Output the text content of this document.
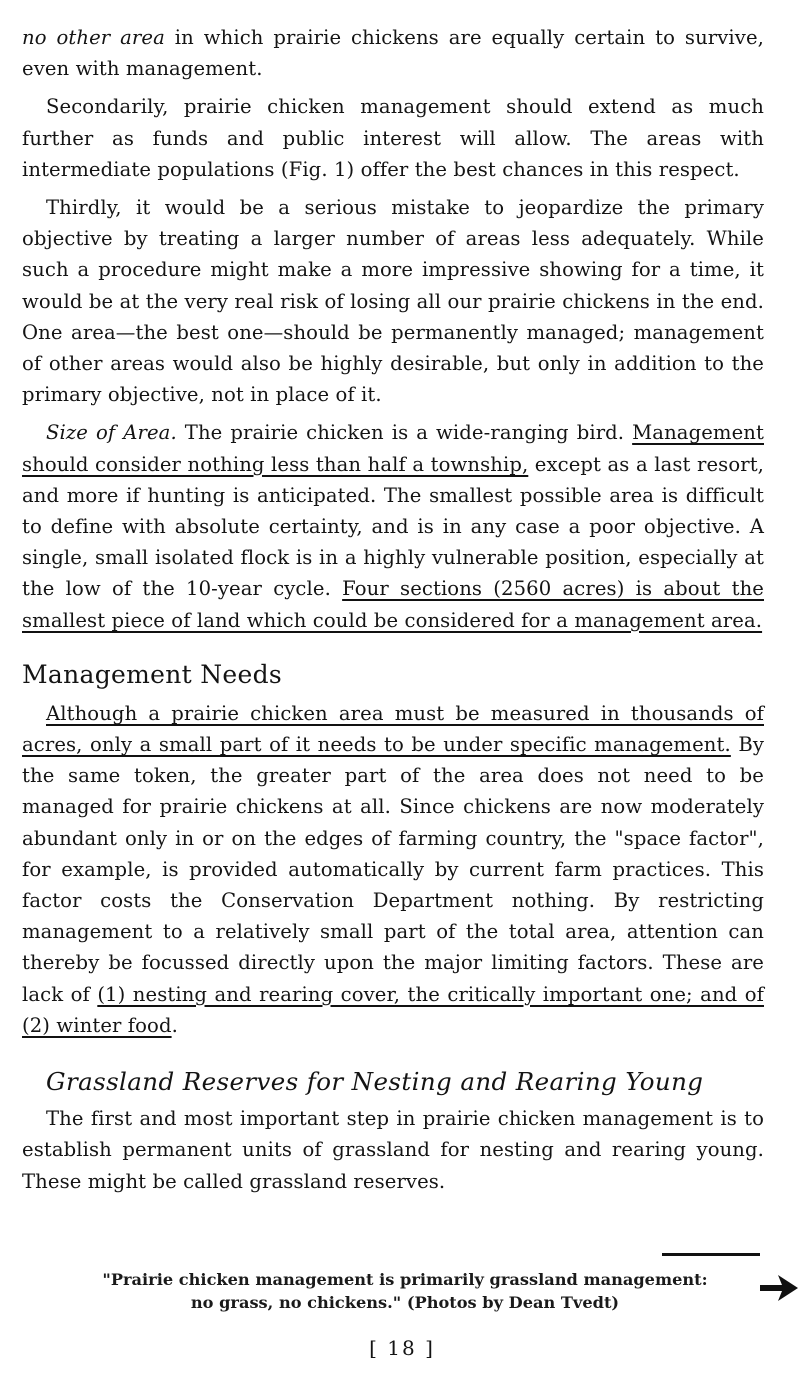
no other area in which prairie chickens are equally certain to survive, even with management.

Secondarily, prairie chicken management should extend as much further as funds and public interest will allow. The areas with intermediate populations (Fig. 1) offer the best chances in this respect.

Thirdly, it would be a serious mistake to jeopardize the primary objective by treating a larger number of areas less adequately. While such a procedure might make a more impressive showing for a time, it would be at the very real risk of losing all our prairie chickens in the end. One area—the best one—should be permanently managed; management of other areas would also be highly desirable, but only in addition to the primary objective, not in place of it.

Size of Area. The prairie chicken is a wide-ranging bird. Management should consider nothing less than half a township, except as a last resort, and more if hunting is anticipated. The smallest possible area is difficult to define with absolute certainty, and is in any case a poor objective. A single, small isolated flock is in a highly vulnerable position, especially at the low of the 10-year cycle. Four sections (2560 acres) is about the smallest piece of land which could be considered for a management area.

Management Needs

Although a prairie chicken area must be measured in thousands of acres, only a small part of it needs to be under specific management. By the same token, the greater part of the area does not need to be managed for prairie chickens at all. Since chickens are now moderately abundant only in or on the edges of farming country, the "space factor", for example, is provided automatically by current farm practices. This factor costs the Conservation Department nothing. By restricting management to a relatively small part of the total area, attention can thereby be focussed directly upon the major limiting factors. These are lack of (1) nesting and rearing cover, the critically important one; and of (2) winter food.

Grassland Reserves for Nesting and Rearing Young

The first and most important step in prairie chicken management is to establish permanent units of grassland for nesting and rearing young. These might be called grassland reserves.

"Prairie chicken management is primarily grassland management:
no grass, no chickens." (Photos by Dean Tvedt)
[ 18 ]
